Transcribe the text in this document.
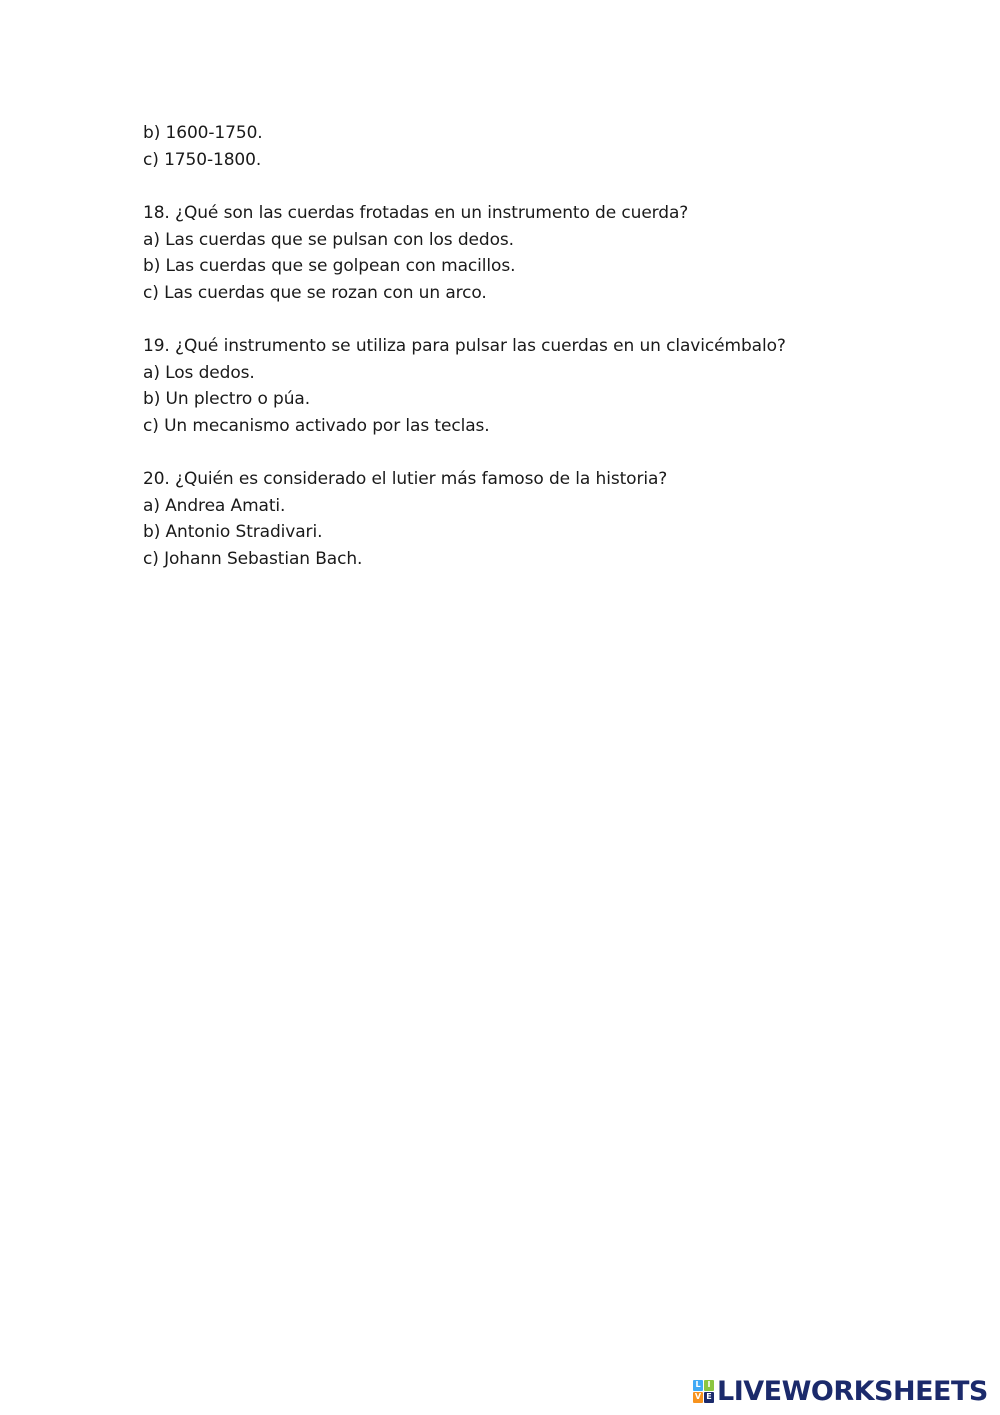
b) 1600-1750.
c) 1750-1800.
18. ¿Qué son las cuerdas frotadas en un instrumento de cuerda?
a) Las cuerdas que se pulsan con los dedos.
b) Las cuerdas que se golpean con macillos.
c) Las cuerdas que se rozan con un arco.
19. ¿Qué instrumento se utiliza para pulsar las cuerdas en un clavicémbalo?
a) Los dedos.
b) Un plectro o púa.
c) Un mecanismo activado por las teclas.
20. ¿Quién es considerado el lutier más famoso de la historia?
a) Andrea Amati.
b) Antonio Stradivari.
c) Johann Sebastian Bach.
L I
V E LIVEWORKSHEETS
